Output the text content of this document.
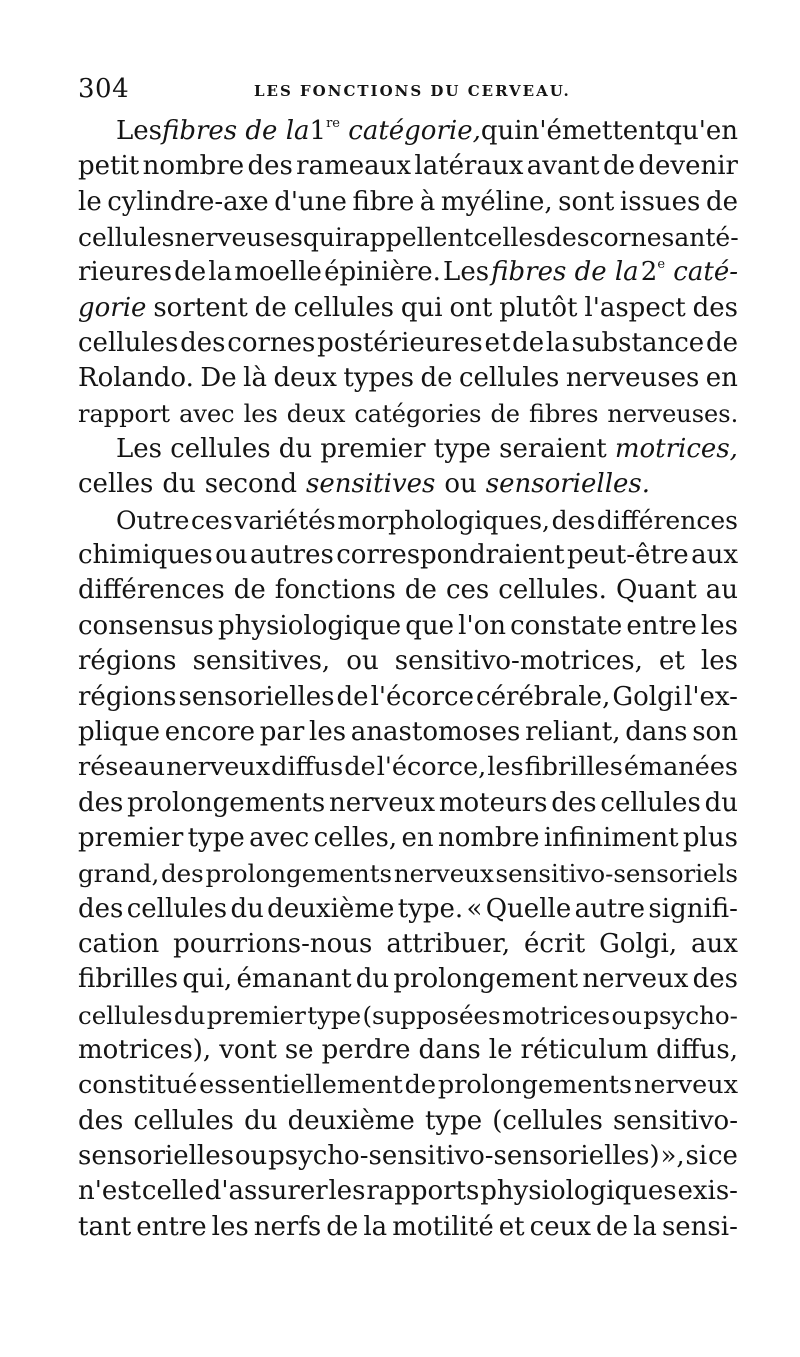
304	LES FONCTIONS DU CERVEAU.
Les fibres de la 1re catégorie, qui n'émettent qu'en
petit nombre des rameaux latéraux avant de devenir
le cylindre-axe d'une fibre à myéline, sont issues de
cellules nerveuses qui rappellent celles des cornes anté-
rieures de la moelle épinière. Les fibres de la 2e caté-
gorie sortent de cellules qui ont plutôt l'aspect des
cellules des cornes postérieures et de la substance de
Rolando. De là deux types de cellules nerveuses en
rapport avec les deux catégories de fibres nerveuses.
Les cellules du premier type seraient motrices,
celles du second sensitives ou sensorielles.
Outre ces variétés morphologiques, des différences
chimiques ou autres correspondraient peut-être aux
différences de fonctions de ces cellules. Quant au
consensus physiologique que l'on constate entre les
régions sensitives, ou sensitivo-motrices, et les
régions sensorielles de l'écorce cérébrale, Golgi l'ex-
plique encore par les anastomoses reliant, dans son
réseau nerveux diffus de l'écorce, les fibrilles émanées
des prolongements nerveux moteurs des cellules du
premier type avec celles, en nombre infiniment plus
grand, des prolongements nerveux sensitivo-sensoriels
des cellules du deuxième type. « Quelle autre signifi-
cation pourrions-nous attribuer, écrit Golgi, aux
fibrilles qui, émanant du prolongement nerveux des
cellules du premier type (supposées motrices ou psycho-
motrices), vont se perdre dans le réticulum diffus,
constitué essentiellement de prolongements nerveux
des cellules du deuxième type (cellules sensitivo-
sensorielles ou psycho-sensitivo-sensorielles) », si ce
n'est celle d'assurer les rapports physiologiques exis-
tant entre les nerfs de la motilité et ceux de la sensi-
